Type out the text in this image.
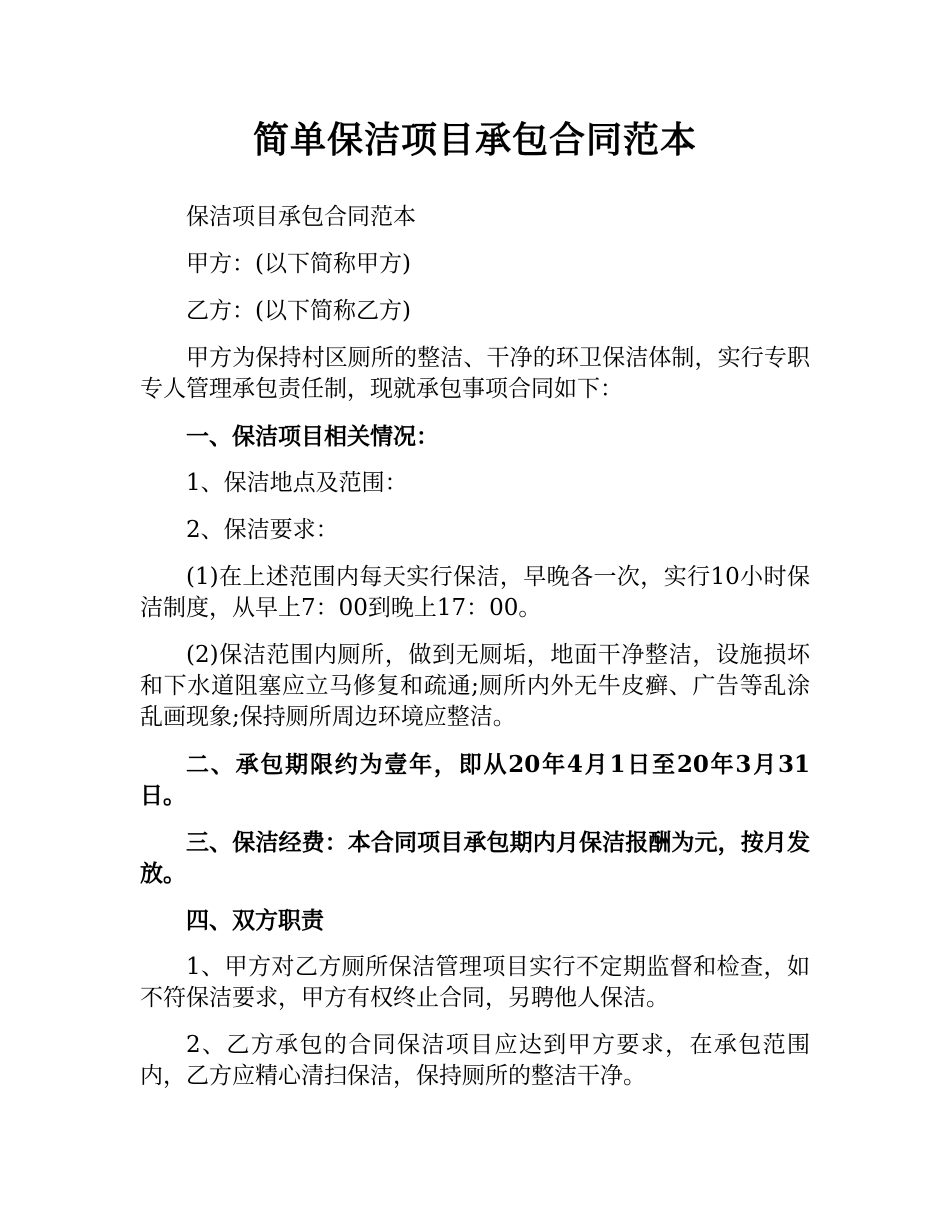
简单保洁项目承包合同范本

保洁项目承包合同范本

甲方：(以下简称甲方)

乙方：(以下简称乙方)

甲方为保持村区厕所的整洁、干净的环卫保洁体制，实行专职专人管理承包责任制，现就承包事项合同如下：

一、保洁项目相关情况：

1、保洁地点及范围：

2、保洁要求：

(1)在上述范围内每天实行保洁，早晚各一次，实行10小时保洁制度，从早上7：00到晚上17：00。

(2)保洁范围内厕所，做到无厕垢，地面干净整洁，设施损坏和下水道阻塞应立马修复和疏通;厕所内外无牛皮癣、广告等乱涂乱画现象;保持厕所周边环境应整洁。

二、承包期限约为壹年，即从20年4月1日至20年3月31日。

三、保洁经费：本合同项目承包期内月保洁报酬为元，按月发放。

四、双方职责

1、甲方对乙方厕所保洁管理项目实行不定期监督和检查，如不符保洁要求，甲方有权终止合同，另聘他人保洁。

2、乙方承包的合同保洁项目应达到甲方要求，在承包范围内，乙方应精心清扫保洁，保持厕所的整洁干净。
